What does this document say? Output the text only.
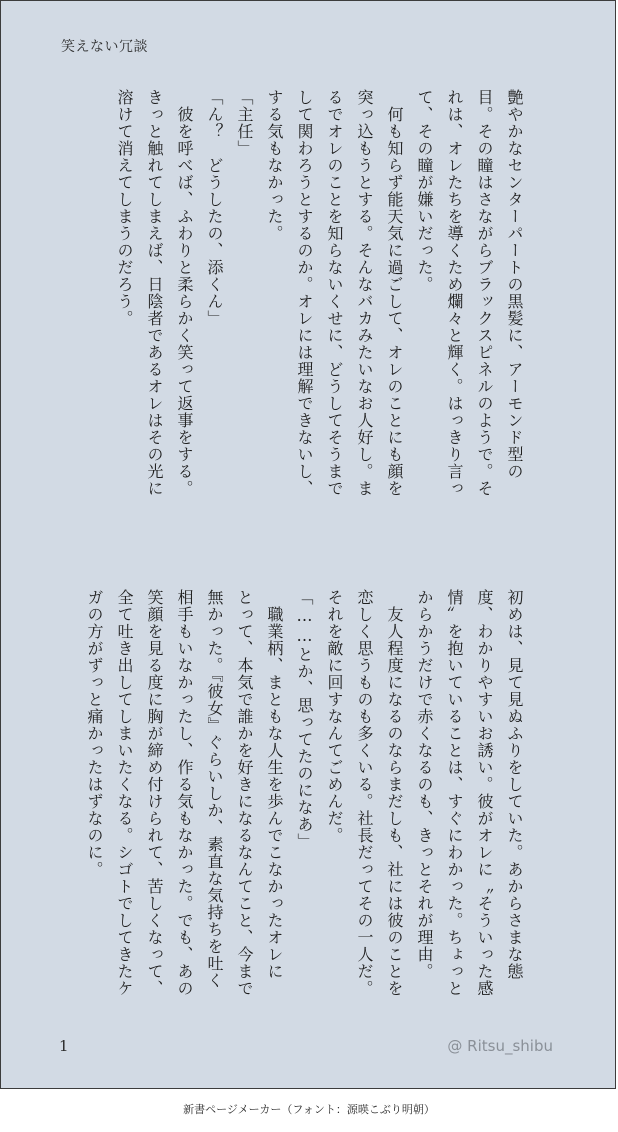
笑えない冗談
艶やかなセンターパートの黒髪に、アーモンド型の
目。その瞳はさながらブラックスピネルのようで。そ
れは、オレたちを導くため爛々と輝く。はっきり言っ
て、その瞳が嫌いだった。
　何も知らず能天気に過ごして、オレのことにも顔を
突っ込もうとする。そんなバカみたいなお人好し。ま
るでオレのことを知らないくせに、どうしてそうまで
して関わろうとするのか。オレには理解できないし、
する気もなかった。
「主任」
「ん？　どうしたの、添くん」
　彼を呼べば、ふわりと柔らかく笑って返事をする。
きっと触れてしまえば、日陰者であるオレはその光に
溶けて消えてしまうのだろう。
初めは、見て見ぬふりをしていた。あからさまな態
度、わかりやすいお誘い。彼がオレに〝そういった感
情〟を抱いていることは、すぐにわかった。ちょっと
からかうだけで赤くなるのも、きっとそれが理由。
　友人程度になるのならまだしも、社には彼のことを
恋しく思うものも多くいる。社長だってその一人だ。
それを敵に回すなんてごめんだ。
「……とか、思ってたのになあ」
　職業柄、まともな人生を歩んでこなかったオレに
とって、本気で誰かを好きになるなんてこと、今まで
無かった。『彼女』ぐらいしか、素直な気持ちを吐く
相手もいなかったし、作る気もなかった。でも、あの
笑顔を見る度に胸が締め付けられて、苦しくなって、
全て吐き出してしまいたくなる。シゴトでしてきたケ
ガの方がずっと痛かったはずなのに。
1	@ Ritsu_shibu
新書ページメーカー（フォント：源暎こぶり明朝）
